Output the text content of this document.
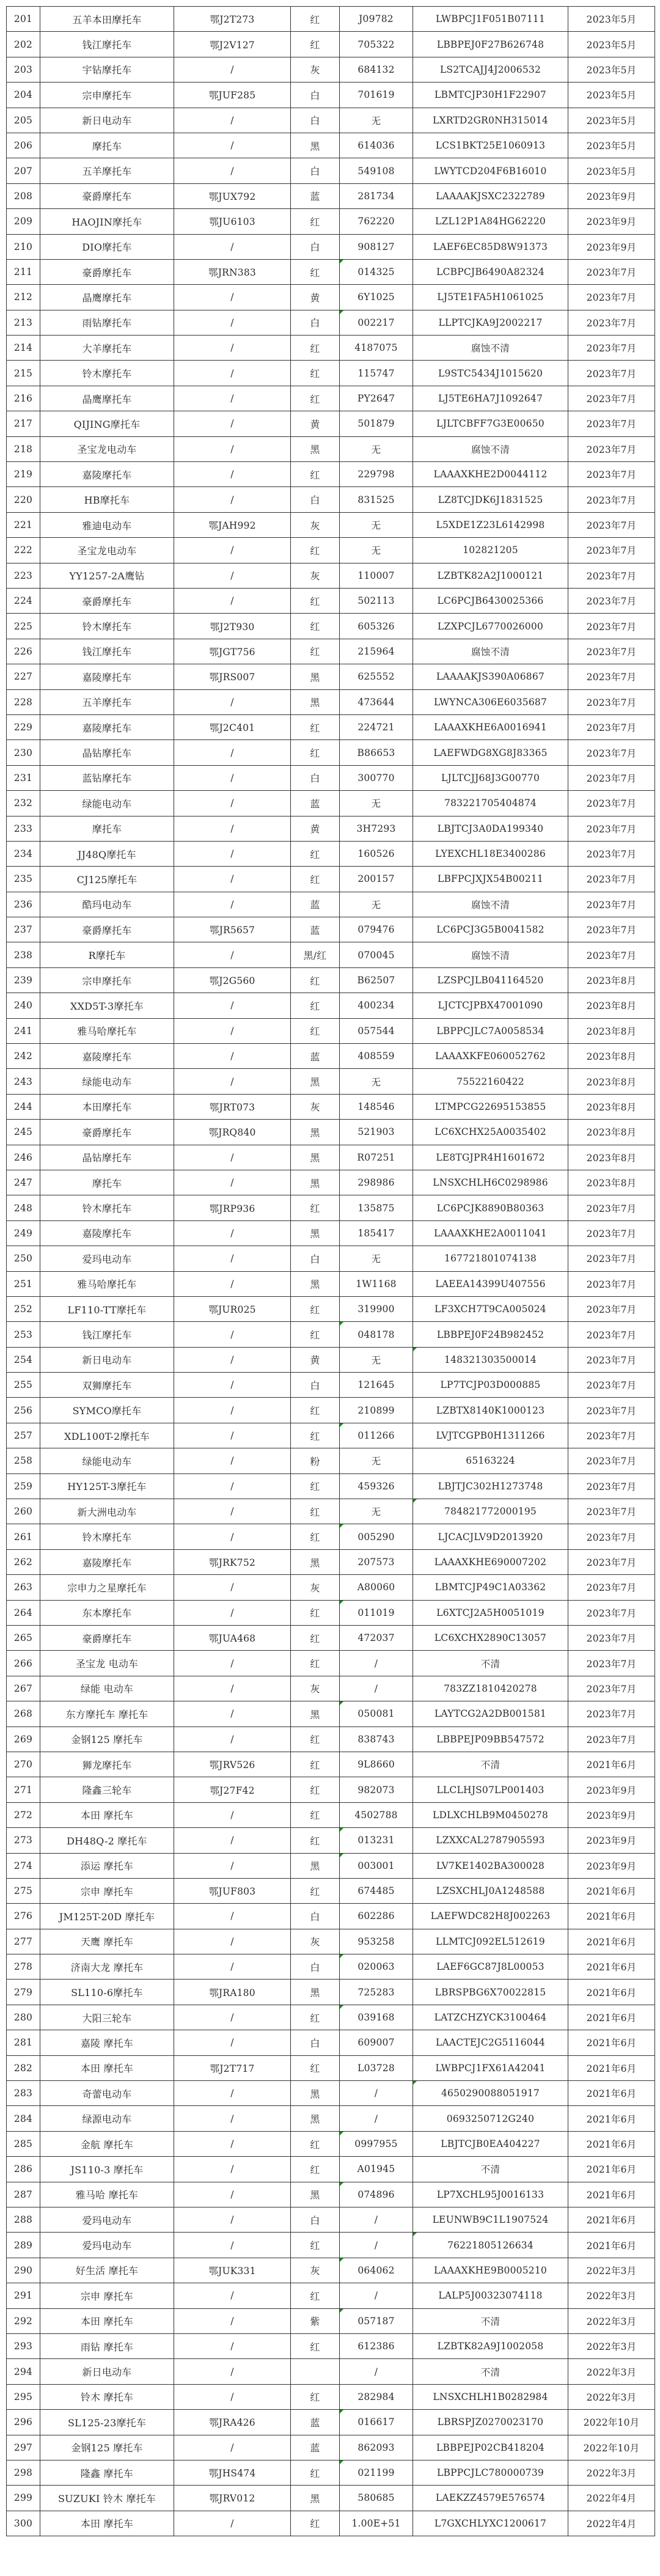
201	五羊本田摩托车	鄂J2T273	红	J09782	LWBPCJ1F051B07111	2023年5月
202	钱江摩托车	鄂J2V127	红	705322	LBBPEJ0F27B626748	2023年5月
203	宇钻摩托车	/	灰	684132	LS2TCAJJ4J2006532	2023年5月
204	宗申摩托车	鄂JUF285	白	701619	LBMTCJP30H1F22907	2023年5月
205	新日电动车	/	白	无	LXRTD2GR0NH315014	2023年5月
206	摩托车	/	黑	614036	LCS1BKT25E1060913	2023年5月
207	五羊摩托车	/	白	549108	LWYTCD204F6B16010	2023年5月
208	豪爵摩托车	鄂JUX792	蓝	281734	LAAAAKJSXC2322789	2023年9月
209	HAOJIN摩托车	鄂JU6103	红	762220	LZL12P1A84HG62220	2023年9月
210	DIO摩托车	/	白	908127	LAEF6EC85D8W91373	2023年9月
211	豪爵摩托车	鄂JRN383	红	014325	LCBPCJB6490A82324	2023年7月
212	晶鹰摩托车	/	黄	6Y1025	LJ5TE1FA5H1061025	2023年7月
213	雨钻摩托车	/	白	002217	LLPTCJKA9J2002217	2023年7月
214	大羊摩托车	/	红	4187075	腐蚀不清	2023年7月
215	铃木摩托车	/	红	115747	L9STC5434J1015620	2023年7月
216	晶鹰摩托车	/	红	PY2647	LJ5TE6HA7J1092647	2023年7月
217	QIJING摩托车	/	黄	501879	LJLTCBFF7G3E00650	2023年7月
218	圣宝龙电动车	/	黑	无	腐蚀不清	2023年7月
219	嘉陵摩托车	/	红	229798	LAAAXKHE2D0044112	2023年7月
220	HB摩托车	/	白	831525	LZ8TCJDK6J1831525	2023年7月
221	雅迪电动车	鄂JAH992	灰	无	L5XDE1Z23L6142998	2023年7月
222	圣宝龙电动车	/	红	无	102821205	2023年7月
223	YY1257-2A鹰钻	/	灰	110007	LZBTK82A2J1000121	2023年7月
224	豪爵摩托车	/	红	502113	LC6PCJB6430025366	2023年7月
225	铃木摩托车	鄂J2T930	红	605326	LZXPCJL6770026000	2023年7月
226	钱江摩托车	鄂JGT756	红	215964	腐蚀不清	2023年7月
227	嘉陵摩托车	鄂JRS007	黑	625552	LAAAAKJS390A06867	2023年7月
228	五羊摩托车	/	黑	473644	LWYNCA306E6035687	2023年7月
229	嘉陵摩托车	鄂J2C401	红	224721	LAAAXKHE6A0016941	2023年7月
230	晶钻摩托车	/	红	B86653	LAEFWDG8XG8J83365	2023年7月
231	蓝钻摩托车	/	白	300770	LJLTCJJ68J3G00770	2023年7月
232	绿能电动车	/	蓝	无	783221705404874	2023年7月
233	摩托车	/	黄	3H7293	LBJTCJ3A0DA199340	2023年7月
234	JJ48Q摩托车	/	红	160526	LYEXCHL18E3400286	2023年7月
235	CJ125摩托车	/	红	200157	LBFPCJXJX54B00211	2023年7月
236	酷玛电动车	/	蓝	无	腐蚀不清	2023年7月
237	豪爵摩托车	鄂JR5657	蓝	079476	LC6PCJ3G5B0041582	2023年7月
238	R摩托车	/	黑/红	070045	腐蚀不清	2023年7月
239	宗申摩托车	鄂J2G560	红	B62507	LZSPCJLB041164520	2023年8月
240	XXD5T-3摩托车	/	红	400234	LJCTCJPBX47001090	2023年8月
241	雅马哈摩托车	/	红	057544	LBPPCJLC7A0058534	2023年8月
242	嘉陵摩托车	/	蓝	408559	LAAAXKFE060052762	2023年8月
243	绿能电动车	/	黑	无	75522160422	2023年8月
244	本田摩托车	鄂JRT073	灰	148546	LTMPCG22695153855	2023年8月
245	豪爵摩托车	鄂JRQ840	黑	521903	LC6XCHX25A0035402	2023年8月
246	晶钻摩托车	/	黑	R07251	LE8TGJPR4H1601672	2023年8月
247	摩托车	/	黑	298986	LNSXCHLH6C0298986	2023年8月
248	铃木摩托车	鄂JRP936	红	135875	LC6PCJK8890B80363	2023年7月
249	嘉陵摩托车	/	黑	185417	LAAAXKHE2A0011041	2023年7月
250	爱玛电动车	/	白	无	167721801074138	2023年7月
251	雅马哈摩托车	/	黑	1W1168	LAEEA14399U407556	2023年7月
252	LF110-TT摩托车	鄂JUR025	红	319900	LF3XCH7T9CA005024	2023年7月
253	钱江摩托车	/	红	048178	LBBPEJ0F24B982452	2023年7月
254	新日电动车	/	黄	无	148321303500014	2023年7月
255	双狮摩托车	/	白	121645	LP7TCJP03D000885	2023年7月
256	SYMCO摩托车	/	红	210899	LZBTX8140K1000123	2023年7月
257	XDL100T-2摩托车	/	红	011266	LVJTCGPB0H1311266	2023年7月
258	绿能电动车	/	粉	无	65163224	2023年7月
259	HY125T-3摩托车	/	红	459326	LBJTJC302H1273748	2023年7月
260	新大洲电动车	/	红	无	784821772000195	2023年7月
261	铃木摩托车	/	红	005290	LJCACJLV9D2013920	2023年7月
262	嘉陵摩托车	鄂JRK752	黑	207573	LAAAXKHE690007202	2023年7月
263	宗申力之星摩托车	/	灰	A80060	LBMTCJP49C1A03362	2023年7月
264	东本摩托车	/	红	011019	L6XTCJ2A5H0051019	2023年7月
265	豪爵摩托车	鄂JUA468	红	472037	LC6XCHX2890C13057	2023年7月
266	圣宝龙 电动车	/	红	/	不清	2023年7月
267	绿能 电动车	/	灰	/	783ZZ1810420278	2023年7月
268	东方摩托车 摩托车	/	黑	050081	LAYTCG2A2DB001581	2023年7月
269	金钢125 摩托车	/	红	838743	LBBPEJP09BB547572	2023年7月
270	狮龙摩托车	鄂JRV526	红	9L8660	不清	2021年6月
271	隆鑫三轮车	鄂J27F42	红	982073	LLCLHJS07LP001403	2023年9月
272	本田 摩托车	/	红	4502788	LDLXCHLB9M0450278	2023年9月
273	DH48Q-2 摩托车	/	红	013231	LZXXCAL2787905593	2023年9月
274	添运 摩托车	/	黑	003001	LV7KE1402BA300028	2023年9月
275	宗申 摩托车	鄂JUF803	红	674485	LZSXCHLJ0A1248588	2021年6月
276	JM125T-20D 摩托车	/	白	602286	LAEFWDC82H8J002263	2021年6月
277	天鹰 摩托车	/	灰	953258	LLMTCJ092EL512619	2021年6月
278	济南大龙 摩托车	/	白	020063	LAEF6GC87J8L00053	2021年6月
279	SL110-6摩托车	鄂JRA180	黑	725283	LBRSPBG6X70022815	2021年6月
280	大阳三轮车	/	红	039168	LATZCHZYCK3100464	2021年6月
281	嘉陵 摩托车	/	白	609007	LAACTEJC2G5116044	2021年6月
282	本田 摩托车	鄂J2T717	红	L03728	LWBPCJ1FX61A42041	2021年6月
283	奇蕾电动车	/	黑	/	4650290088051917	2021年6月
284	绿源电动车	/	黑	/	0693250712G240	2021年6月
285	金航 摩托车	/	红	0997955	LBJTCJB0EA404227	2021年6月
286	JS110-3 摩托车	/	红	A01945	不清	2021年6月
287	雅马哈 摩托车	/	黑	074896	LP7XCHL95J0016133	2021年6月
288	爱玛电动车	/	白	/	LEUNWB9C1L1907524	2021年6月
289	爱玛电动车	/	红	/	76221805126634	2021年6月
290	好生活 摩托车	鄂JUK331	灰	064062	LAAAXKHE9B0005210	2022年3月
291	宗申 摩托车	/	红	/	LALP5J00323074118	2022年3月
292	本田 摩托车	/	紫	057187	不清	2022年3月
293	雨钻 摩托车	/	红	612386	LZBTK82A9J1002058	2022年3月
294	新日电动车	/		/	不清	2022年3月
295	铃木 摩托车	/	红	282984	LNSXCHLH1B0282984	2022年3月
296	SL125-23摩托车	鄂JRA426	蓝	016617	LBRSPJZ0270023170	2022年10月
297	金钢125 摩托车	/	蓝	862093	LBBPEJP02CB418204	2022年10月
298	隆鑫 摩托车	鄂JHS474	红	021199	LBPPCJLC780000739	2022年3月
299	SUZUKI 铃木 摩托车	鄂JRV012	黑	580685	LAEKZZ4579E576574	2022年4月
300	本田 摩托车	/	红	1.00E+51	L7GXCHLYXC1200617	2022年4月
